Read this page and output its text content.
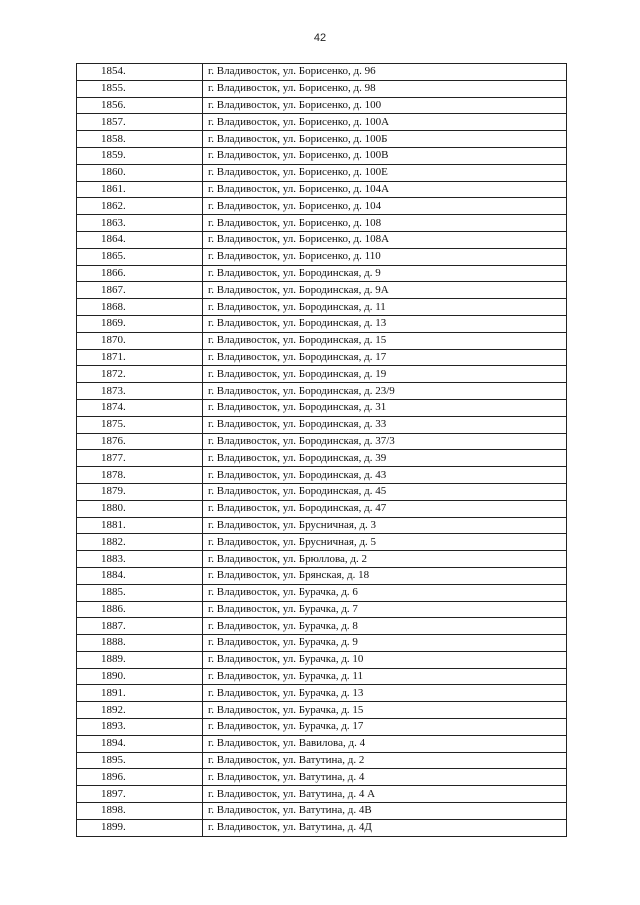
42
1854.	г. Владивосток, ул. Борисенко, д. 96
1855.	г. Владивосток, ул. Борисенко, д. 98
1856.	г. Владивосток, ул. Борисенко, д. 100
1857.	г. Владивосток, ул. Борисенко, д. 100А
1858.	г. Владивосток, ул. Борисенко, д. 100Б
1859.	г. Владивосток, ул. Борисенко, д. 100В
1860.	г. Владивосток, ул. Борисенко, д. 100Е
1861.	г. Владивосток, ул. Борисенко, д. 104А
1862.	г. Владивосток, ул. Борисенко, д. 104
1863.	г. Владивосток, ул. Борисенко, д. 108
1864.	г. Владивосток, ул. Борисенко, д. 108А
1865.	г. Владивосток, ул. Борисенко, д. 110
1866.	г. Владивосток, ул. Бородинская, д. 9
1867.	г. Владивосток, ул. Бородинская, д. 9А
1868.	г. Владивосток, ул. Бородинская, д. 11
1869.	г. Владивосток, ул. Бородинская, д. 13
1870.	г. Владивосток, ул. Бородинская, д. 15
1871.	г. Владивосток, ул. Бородинская, д. 17
1872.	г. Владивосток, ул. Бородинская, д. 19
1873.	г. Владивосток, ул. Бородинская, д. 23/9
1874.	г. Владивосток, ул. Бородинская, д. 31
1875.	г. Владивосток, ул. Бородинская, д. 33
1876.	г. Владивосток, ул. Бородинская, д. 37/3
1877.	г. Владивосток, ул. Бородинская, д. 39
1878.	г. Владивосток, ул. Бородинская, д. 43
1879.	г. Владивосток, ул. Бородинская, д. 45
1880.	г. Владивосток, ул. Бородинская, д. 47
1881.	г. Владивосток, ул. Брусничная, д. 3
1882.	г. Владивосток, ул. Брусничная, д. 5
1883.	г. Владивосток, ул. Брюллова, д. 2
1884.	г. Владивосток, ул. Брянская, д. 18
1885.	г. Владивосток, ул. Бурачка, д. 6
1886.	г. Владивосток, ул. Бурачка, д. 7
1887.	г. Владивосток, ул. Бурачка, д. 8
1888.	г. Владивосток, ул. Бурачка, д. 9
1889.	г. Владивосток, ул. Бурачка, д. 10
1890.	г. Владивосток, ул. Бурачка, д. 11
1891.	г. Владивосток, ул. Бурачка, д. 13
1892.	г. Владивосток, ул. Бурачка, д. 15
1893.	г. Владивосток, ул. Бурачка, д. 17
1894.	г. Владивосток, ул. Вавилова, д. 4
1895.	г. Владивосток, ул. Ватутина, д. 2
1896.	г. Владивосток, ул. Ватутина, д. 4
1897.	г. Владивосток, ул. Ватутина, д. 4 А
1898.	г. Владивосток, ул. Ватутина, д. 4В
1899.	г. Владивосток, ул. Ватутина, д. 4Д
